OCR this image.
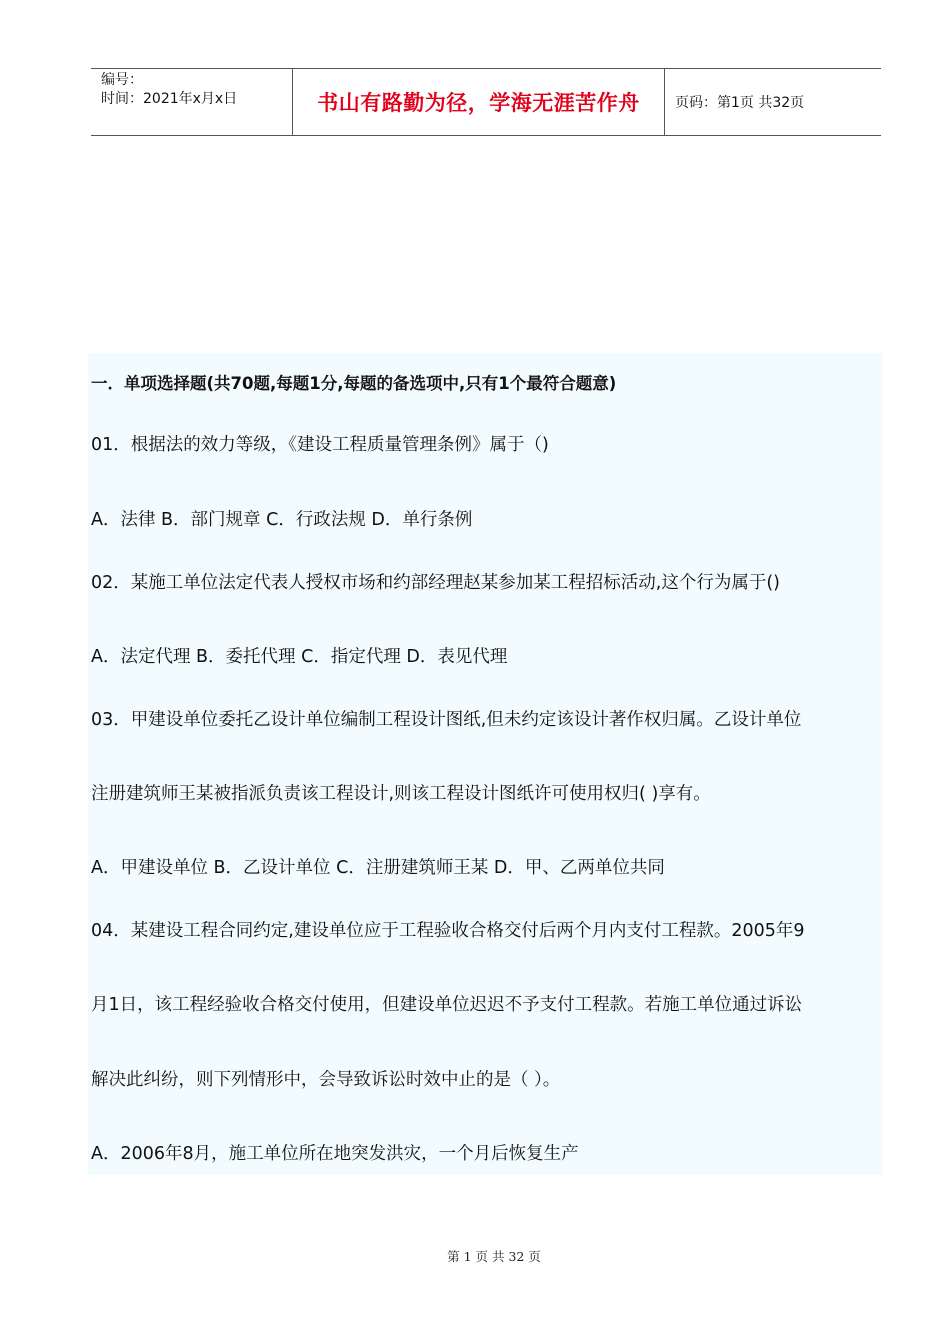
编号：
时间：2021年x月x日	书山有路勤为径，学海无涯苦作舟	页码：第1页 共32页
一．单项选择题(共70题,每题1分,每题的备选项中,只有1个最符合题意)
01．根据法的效力等级，《建设工程质量管理条例》属于（)
A．法律 B．部门规章 C．行政法规 D．单行条例
02．某施工单位法定代表人授权市场和约部经理赵某参加某工程招标活动,这个行为属于()
A．法定代理 B．委托代理 C．指定代理 D．表见代理
03．甲建设单位委托乙设计单位编制工程设计图纸,但未约定该设计著作权归属。乙设计单位
注册建筑师王某被指派负责该工程设计,则该工程设计图纸许可使用权归( )享有。
A．甲建设单位 B．乙设计单位 C．注册建筑师王某 D．甲、乙两单位共同
04．某建设工程合同约定,建设单位应于工程验收合格交付后两个月内支付工程款。2005年9
月1日，该工程经验收合格交付使用，但建设单位迟迟不予支付工程款。若施工单位通过诉讼
解决此纠纷，则下列情形中，会导致诉讼时效中止的是（ ）。
A．2006年8月，施工单位所在地突发洪灾，一个月后恢复生产
第 1 页 共 32 页
